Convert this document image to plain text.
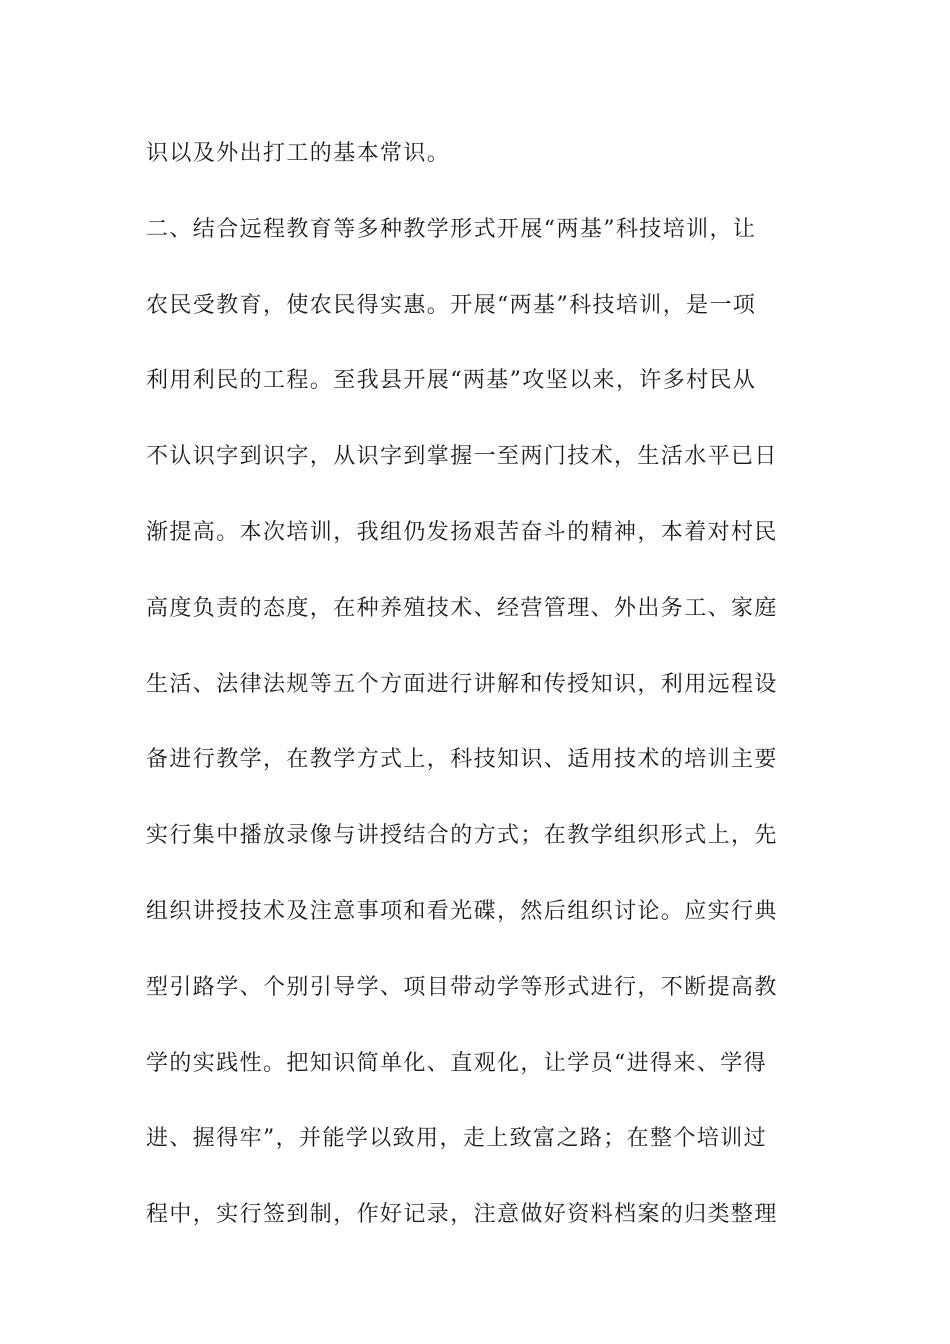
识以及外出打工的基本常识。
二、结合远程教育等多种教学形式开展“两基”科技培训，让
农民受教育，使农民得实惠。开展“两基”科技培训，是一项
利用利民的工程。至我县开展“两基”攻坚以来，许多村民从
不认识字到识字，从识字到掌握一至两门技术，生活水平已日
渐提高。本次培训，我组仍发扬艰苦奋斗的精神，本着对村民
高度负责的态度，在种养殖技术、经营管理、外出务工、家庭
生活、法律法规等五个方面进行讲解和传授知识，利用远程设
备进行教学，在教学方式上，科技知识、适用技术的培训主要
实行集中播放录像与讲授结合的方式；在教学组织形式上，先
组织讲授技术及注意事项和看光碟，然后组织讨论。应实行典
型引路学、个别引导学、项目带动学等形式进行，不断提高教
学的实践性。把知识简单化、直观化，让学员“进得来、学得
进、握得牢”，并能学以致用，走上致富之路；在整个培训过
程中，实行签到制，作好记录，注意做好资料档案的归类整理
